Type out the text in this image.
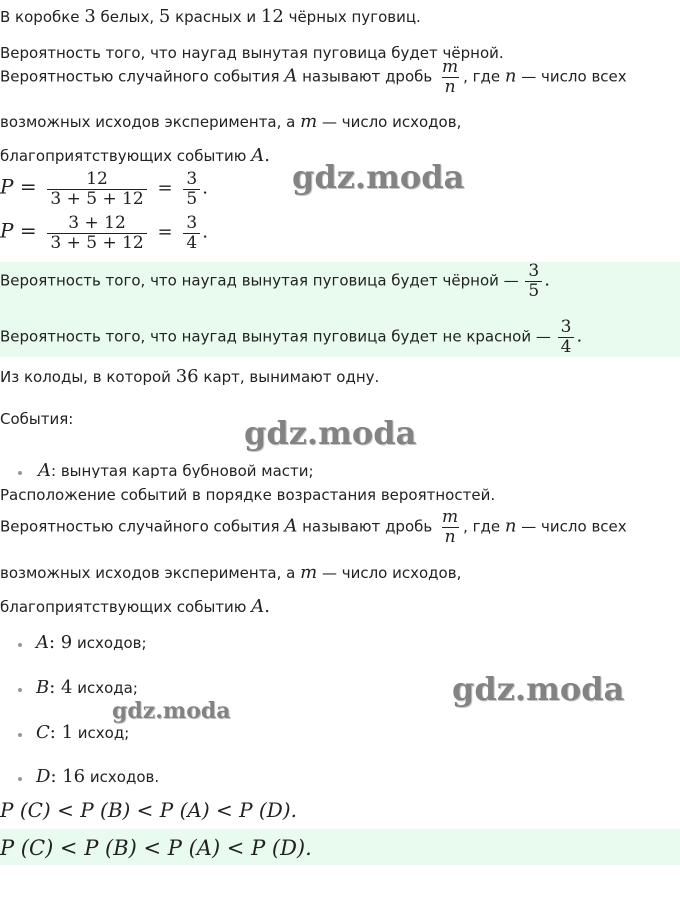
В коробке 3 белых, 5 красных и 12 чёрных пуговиц.
Вероятность того, что наугад вынутая пуговица будет чёрной.
Вероятностью случайного события A называют дробь $\frac{m}{n}$ , где n — число всех
возможных исходов эксперимента, а m — число исходов,
благоприятствующих событию A.
$P = \frac{12}{3 + 5 + 12} = \frac{3}{5}$ .
$P = \frac{3 + 12}{3 + 5 + 12} = \frac{3}{4}$ .
Вероятность того, что наугад вынутая пуговица будет чёрной — $\frac{3}{5}$ .
Вероятность того, что наугад вынутая пуговица будет не красной — $\frac{3}{4}$ .
Из колоды, в которой 36 карт, вынимают одну.
События:
A: вынутая карта бубновой масти;
Расположение событий в порядке возрастания вероятностей.
Вероятностью случайного события A называют дробь $\frac{m}{n}$ , где n — число всех
возможных исходов эксперимента, а m — число исходов,
благоприятствующих событию A.
A: 9 исходов;
B: 4 исхода;
C: 1 исход;
D: 16 исходов.
P (C) < P (B) < P (A) < P (D).
P (C) < P (B) < P (A) < P (D).
gdz.moda
gdz.moda
gdz.moda
gdz.moda
